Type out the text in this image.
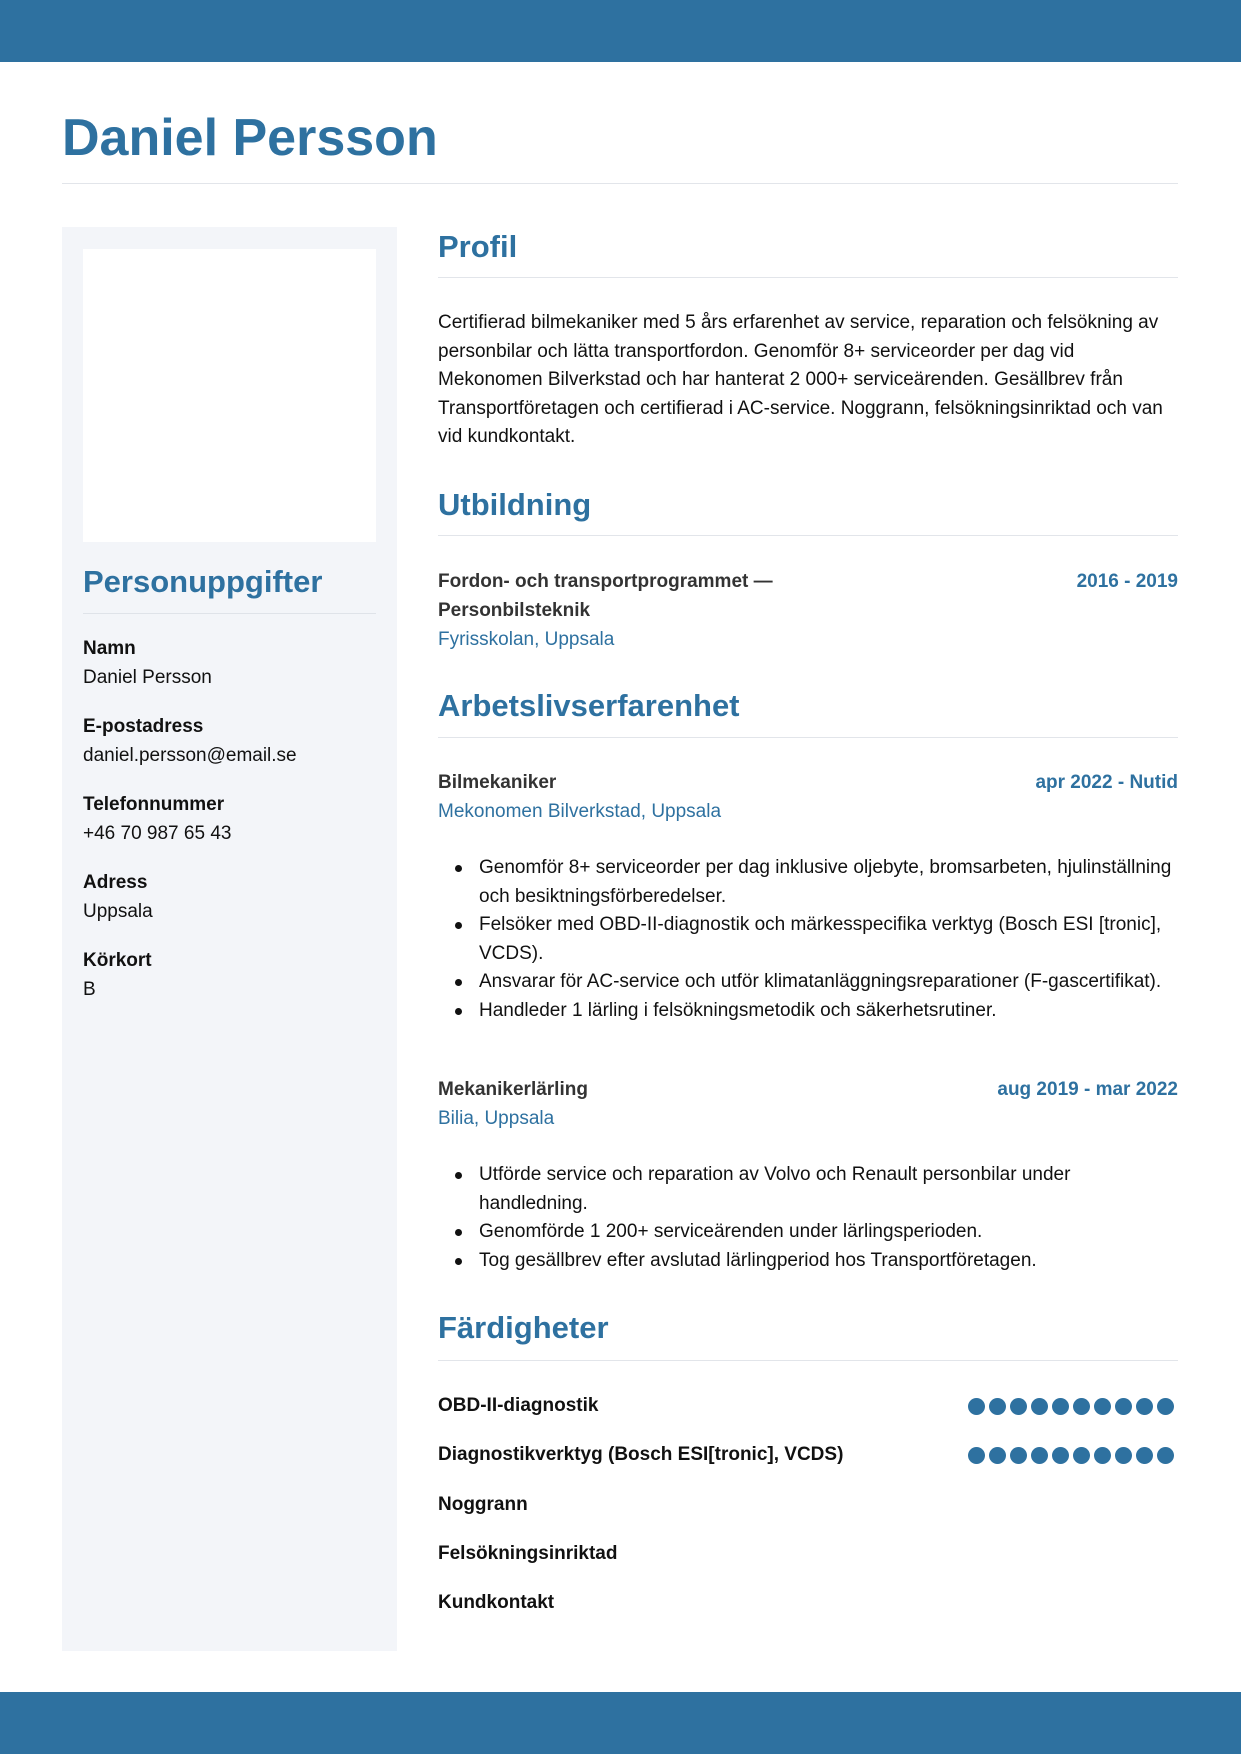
Daniel Persson
Personuppgifter
Namn
Daniel Persson
E-postadress
daniel.persson@email.se
Telefonnummer
+46 70 987 65 43
Adress
Uppsala
Körkort
B
Profil

Certifierad bilmekaniker med 5 års erfarenhet av service, reparation och felsökning av personbilar och lätta transportfordon. Genomför 8+ serviceorder per dag vid Mekonomen Bilverkstad och har hanterat 2 000+ serviceärenden. Gesällbrev från Transportföretagen och certifierad i AC-service. Noggrann, felsökningsinriktad och van vid kundkontakt.

Utbildning
Fordon- och transportprogrammet — Personbilsteknik
2016 - 2019
Fyrisskolan, Uppsala
Arbetslivserfarenhet
Bilmekaniker	apr 2022 - Nutid
Mekonomen Bilverkstad, Uppsala
Genomför 8+ serviceorder per dag inklusive oljebyte, bromsarbeten, hjulinställning och besiktningsförberedelser.
Felsöker med OBD-II-diagnostik och märkesspecifika verktyg (Bosch ESI [tronic], VCDS).
Ansvarar för AC-service och utför klimatanläggningsreparationer (F-gascertifikat).
Handleder 1 lärling i felsökningsmetodik och säkerhetsrutiner.
Mekanikerlärling	aug 2019 - mar 2022
Bilia, Uppsala
Utförde service och reparation av Volvo och Renault personbilar under handledning.
Genomförde 1 200+ serviceärenden under lärlingsperioden.
Tog gesällbrev efter avslutad lärlingperiod hos Transportföretagen.
Färdigheter
OBD-II-diagnostik
Diagnostikverktyg (Bosch ESI[tronic], VCDS)
Noggrann
Felsökningsinriktad
Kundkontakt
